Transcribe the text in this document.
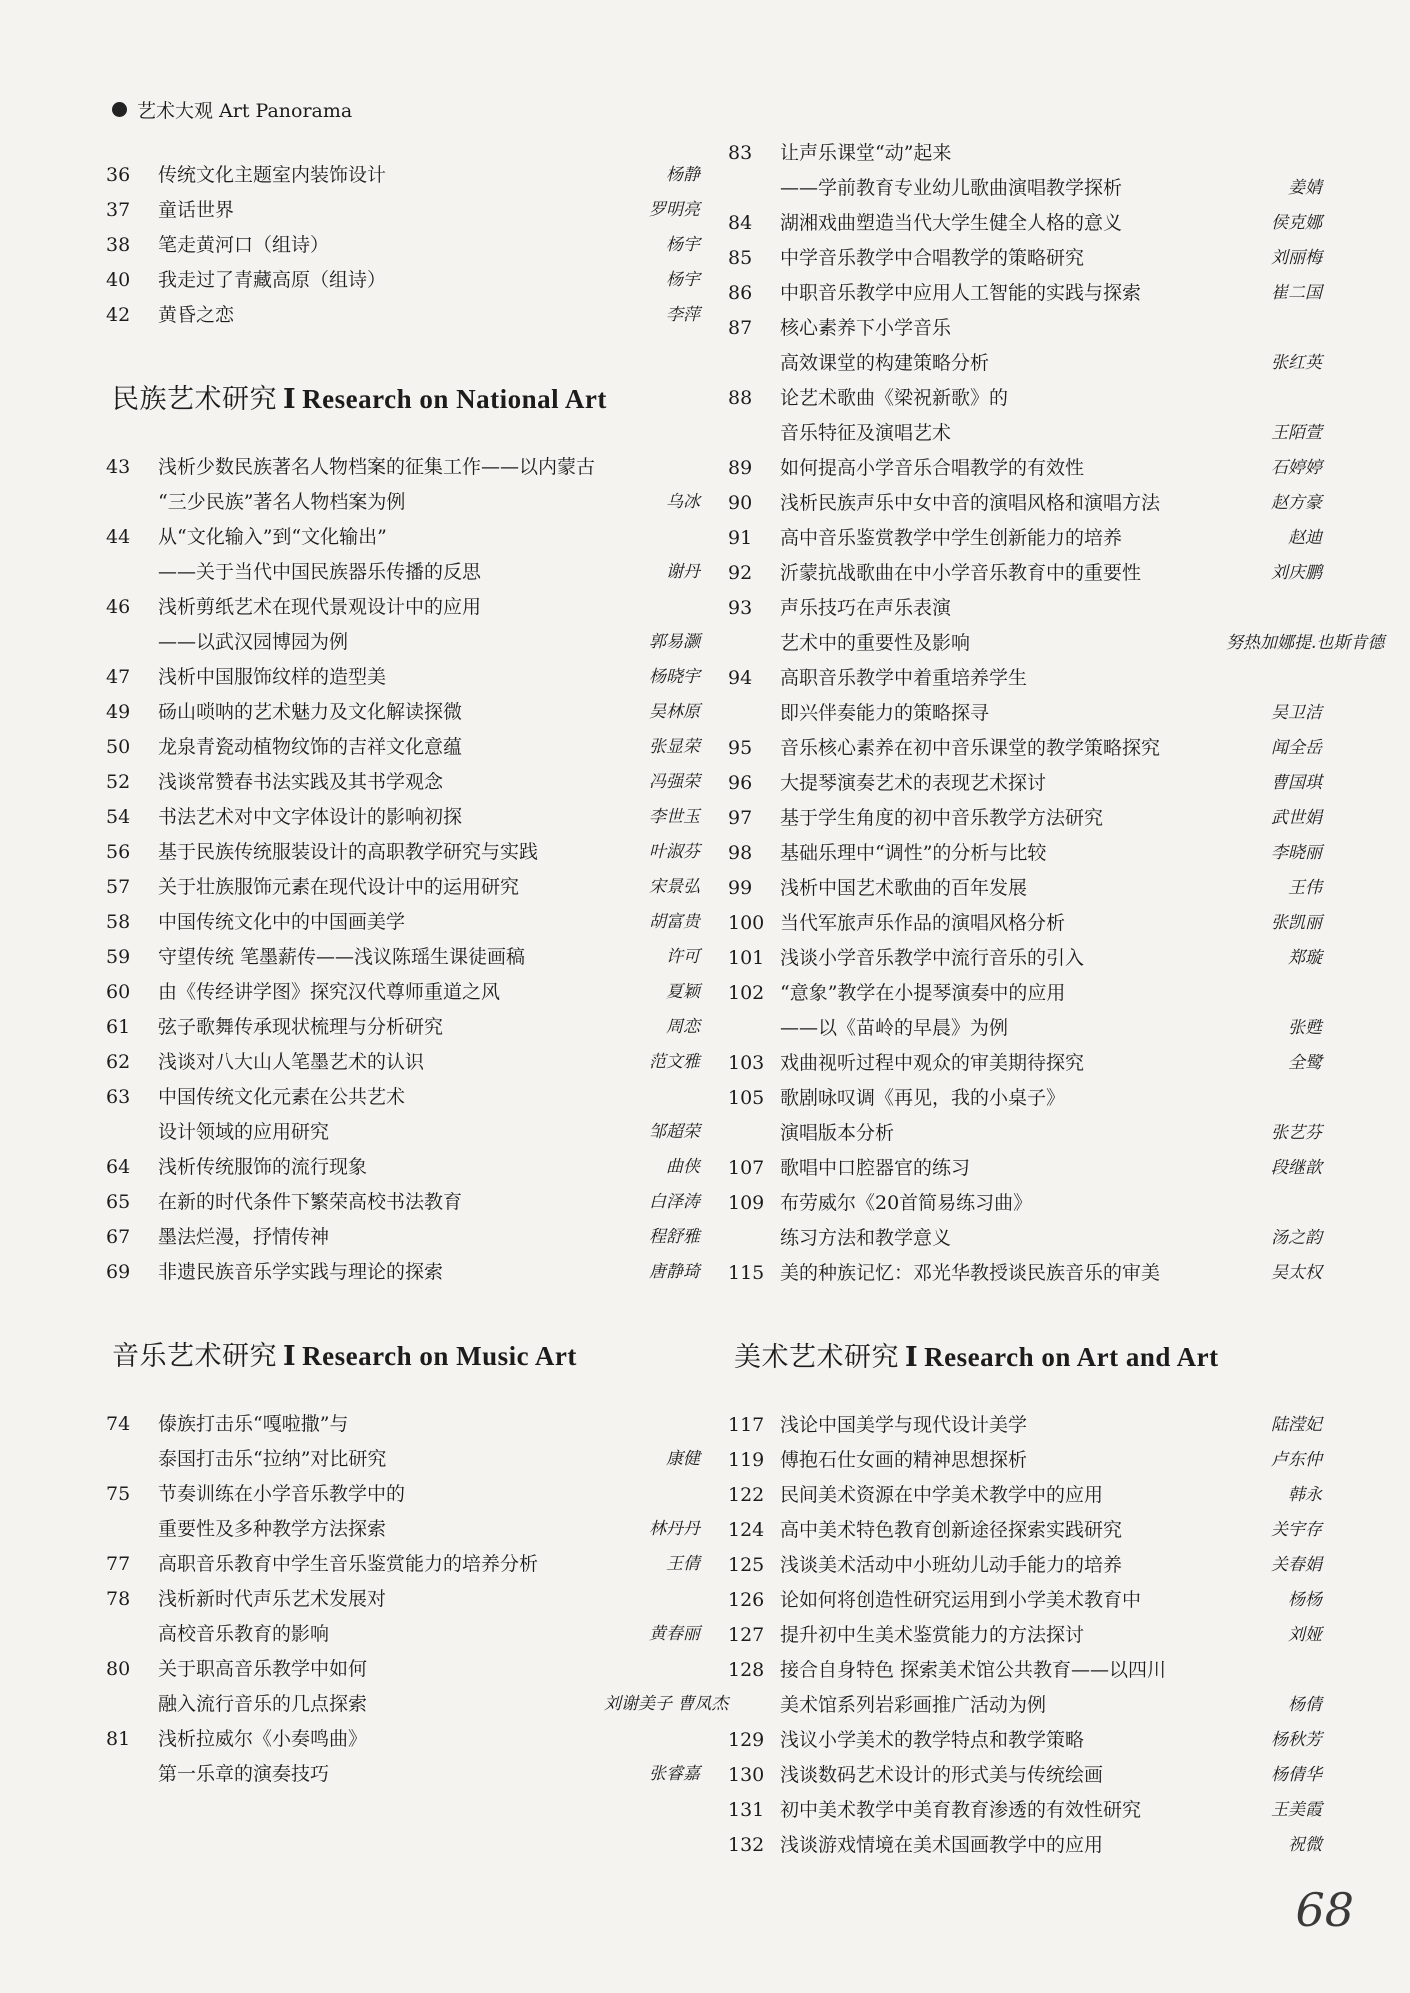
艺术大观 Art Panorama
36	传统文化主题室内装饰设计	杨静
37	童话世界	罗明亮
38	笔走黄河口（组诗）	杨宇
40	我走过了青藏高原（组诗）	杨宇
42	黄昏之恋	李萍
民族艺术研究 I Research on National Art
43	浅析少数民族著名人物档案的征集工作——以内蒙古
“三少民族”著名人物档案为例	乌冰
44	从“文化输入”到“文化输出”
——关于当代中国民族器乐传播的反思	谢丹
46	浅析剪纸艺术在现代景观设计中的应用
——以武汉园博园为例	郭易灏
47	浅析中国服饰纹样的造型美	杨晓宇
49	砀山唢呐的艺术魅力及文化解读探微	吴林原
50	龙泉青瓷动植物纹饰的吉祥文化意蕴	张显荣
52	浅谈常赞春书法实践及其书学观念	冯强荣
54	书法艺术对中文字体设计的影响初探	李世玉
56	基于民族传统服装设计的高职教学研究与实践	叶淑芬
57	关于壮族服饰元素在现代设计中的运用研究	宋景弘
58	中国传统文化中的中国画美学	胡富贵
59	守望传统 笔墨薪传——浅议陈瑶生课徒画稿	许可
60	由《传经讲学图》探究汉代尊师重道之风	夏颖
61	弦子歌舞传承现状梳理与分析研究	周恋
62	浅谈对八大山人笔墨艺术的认识	范文雅
63	中国传统文化元素在公共艺术
设计领域的应用研究	邹超荣
64	浅析传统服饰的流行现象	曲侠
65	在新的时代条件下繁荣高校书法教育	白泽涛
67	墨法烂漫，抒情传神	程舒雅
69	非遗民族音乐学实践与理论的探索	唐静琦
音乐艺术研究 I Research on Music Art
74	傣族打击乐“嘎啦撒”与
泰国打击乐“拉纳”对比研究	康健
75	节奏训练在小学音乐教学中的
重要性及多种教学方法探索	林丹丹
77	高职音乐教育中学生音乐鉴赏能力的培养分析	王倩
78	浅析新时代声乐艺术发展对
高校音乐教育的影响	黄春丽
80	关于职高音乐教学中如何
融入流行音乐的几点探索	刘谢美子 曹凤杰
81	浅析拉威尔《小奏鸣曲》
第一乐章的演奏技巧	张睿嘉
83	让声乐课堂“动”起来
——学前教育专业幼儿歌曲演唱教学探析	姜婧
84	湖湘戏曲塑造当代大学生健全人格的意义	侯克娜
85	中学音乐教学中合唱教学的策略研究	刘丽梅
86	中职音乐教学中应用人工智能的实践与探索	崔二国
87	核心素养下小学音乐
高效课堂的构建策略分析	张红英
88	论艺术歌曲《梁祝新歌》的
音乐特征及演唱艺术	王陌萱
89	如何提高小学音乐合唱教学的有效性	石婷婷
90	浅析民族声乐中女中音的演唱风格和演唱方法	赵方豪
91	高中音乐鉴赏教学中学生创新能力的培养	赵迪
92	沂蒙抗战歌曲在中小学音乐教育中的重要性	刘庆鹏
93	声乐技巧在声乐表演
艺术中的重要性及影响	努热加娜提.也斯肯德
94	高职音乐教学中着重培养学生
即兴伴奏能力的策略探寻	吴卫洁
95	音乐核心素养在初中音乐课堂的教学策略探究	闻全岳
96	大提琴演奏艺术的表现艺术探讨	曹国琪
97	基于学生角度的初中音乐教学方法研究	武世娟
98	基础乐理中“调性”的分析与比较	李晓丽
99	浅析中国艺术歌曲的百年发展	王伟
100 当代军旅声乐作品的演唱风格分析	张凯丽
101 浅谈小学音乐教学中流行音乐的引入	郑璇
102 “意象”教学在小提琴演奏中的应用
——以《苗岭的早晨》为例	张甦
103 戏曲视听过程中观众的审美期待探究	全鹭
105 歌剧咏叹调《再见，我的小桌子》
演唱版本分析	张艺芬
107 歌唱中口腔器官的练习	段继歆
109 布劳威尔《20首简易练习曲》
练习方法和教学意义	汤之韵
115 美的种族记忆：邓光华教授谈民族音乐的审美	吴太权
美术艺术研究 I Research on Art and Art
117 浅论中国美学与现代设计美学	陆滢妃
119 傅抱石仕女画的精神思想探析	卢东仲
122 民间美术资源在中学美术教学中的应用	韩永
124 高中美术特色教育创新途径探索实践研究	关宇存
125 浅谈美术活动中小班幼儿动手能力的培养	关春娟
126 论如何将创造性研究运用到小学美术教育中	杨杨
127 提升初中生美术鉴赏能力的方法探讨	刘娅
128 接合自身特色 探索美术馆公共教育——以四川
美术馆系列岩彩画推广活动为例	杨倩
129 浅议小学美术的教学特点和教学策略	杨秋芳
130 浅谈数码艺术设计的形式美与传统绘画	杨倩华
131 初中美术教学中美育教育渗透的有效性研究	王美霞
132 浅谈游戏情境在美术国画教学中的应用	祝微
68
